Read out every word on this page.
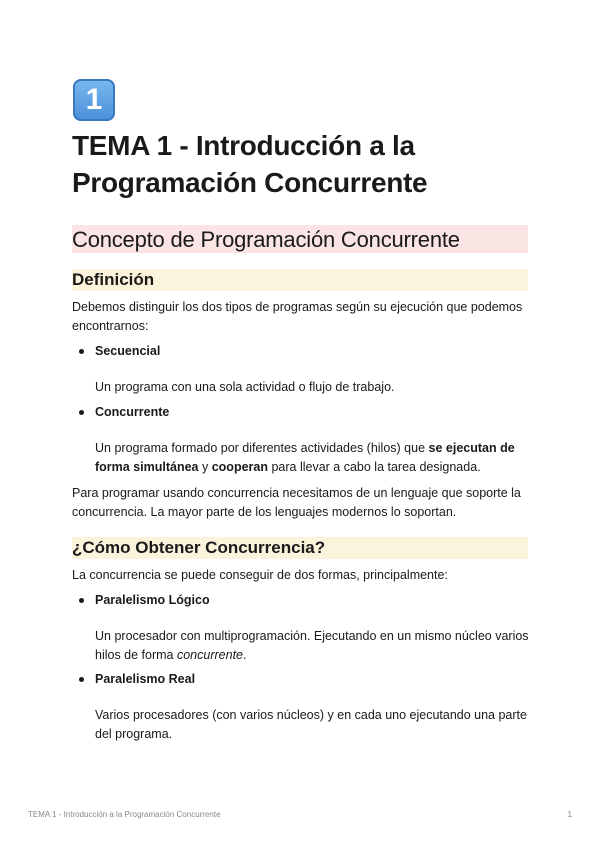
1
TEMA 1 - Introducción a la Programación Concurrente
Concepto de Programación Concurrente
Definición
Debemos distinguir los dos tipos de programas según su ejecución que podemos encontrarnos:
Secuencial
Un programa con una sola actividad o flujo de trabajo.
Concurrente
Un programa formado por diferentes actividades (hilos) que se ejecutan de forma simultánea y cooperan para llevar a cabo la tarea designada.
Para programar usando concurrencia necesitamos de un lenguaje que soporte la concurrencia. La mayor parte de los lenguajes modernos lo soportan.
¿Cómo Obtener Concurrencia?
La concurrencia se puede conseguir de dos formas, principalmente:
Paralelismo Lógico
Un procesador con multiprogramación. Ejecutando en un mismo núcleo varios hilos de forma concurrente.
Paralelismo Real
Varios procesadores (con varios núcleos) y en cada uno ejecutando una parte del programa.
TEMA 1 - Introducción a la Programación Concurrente	1
